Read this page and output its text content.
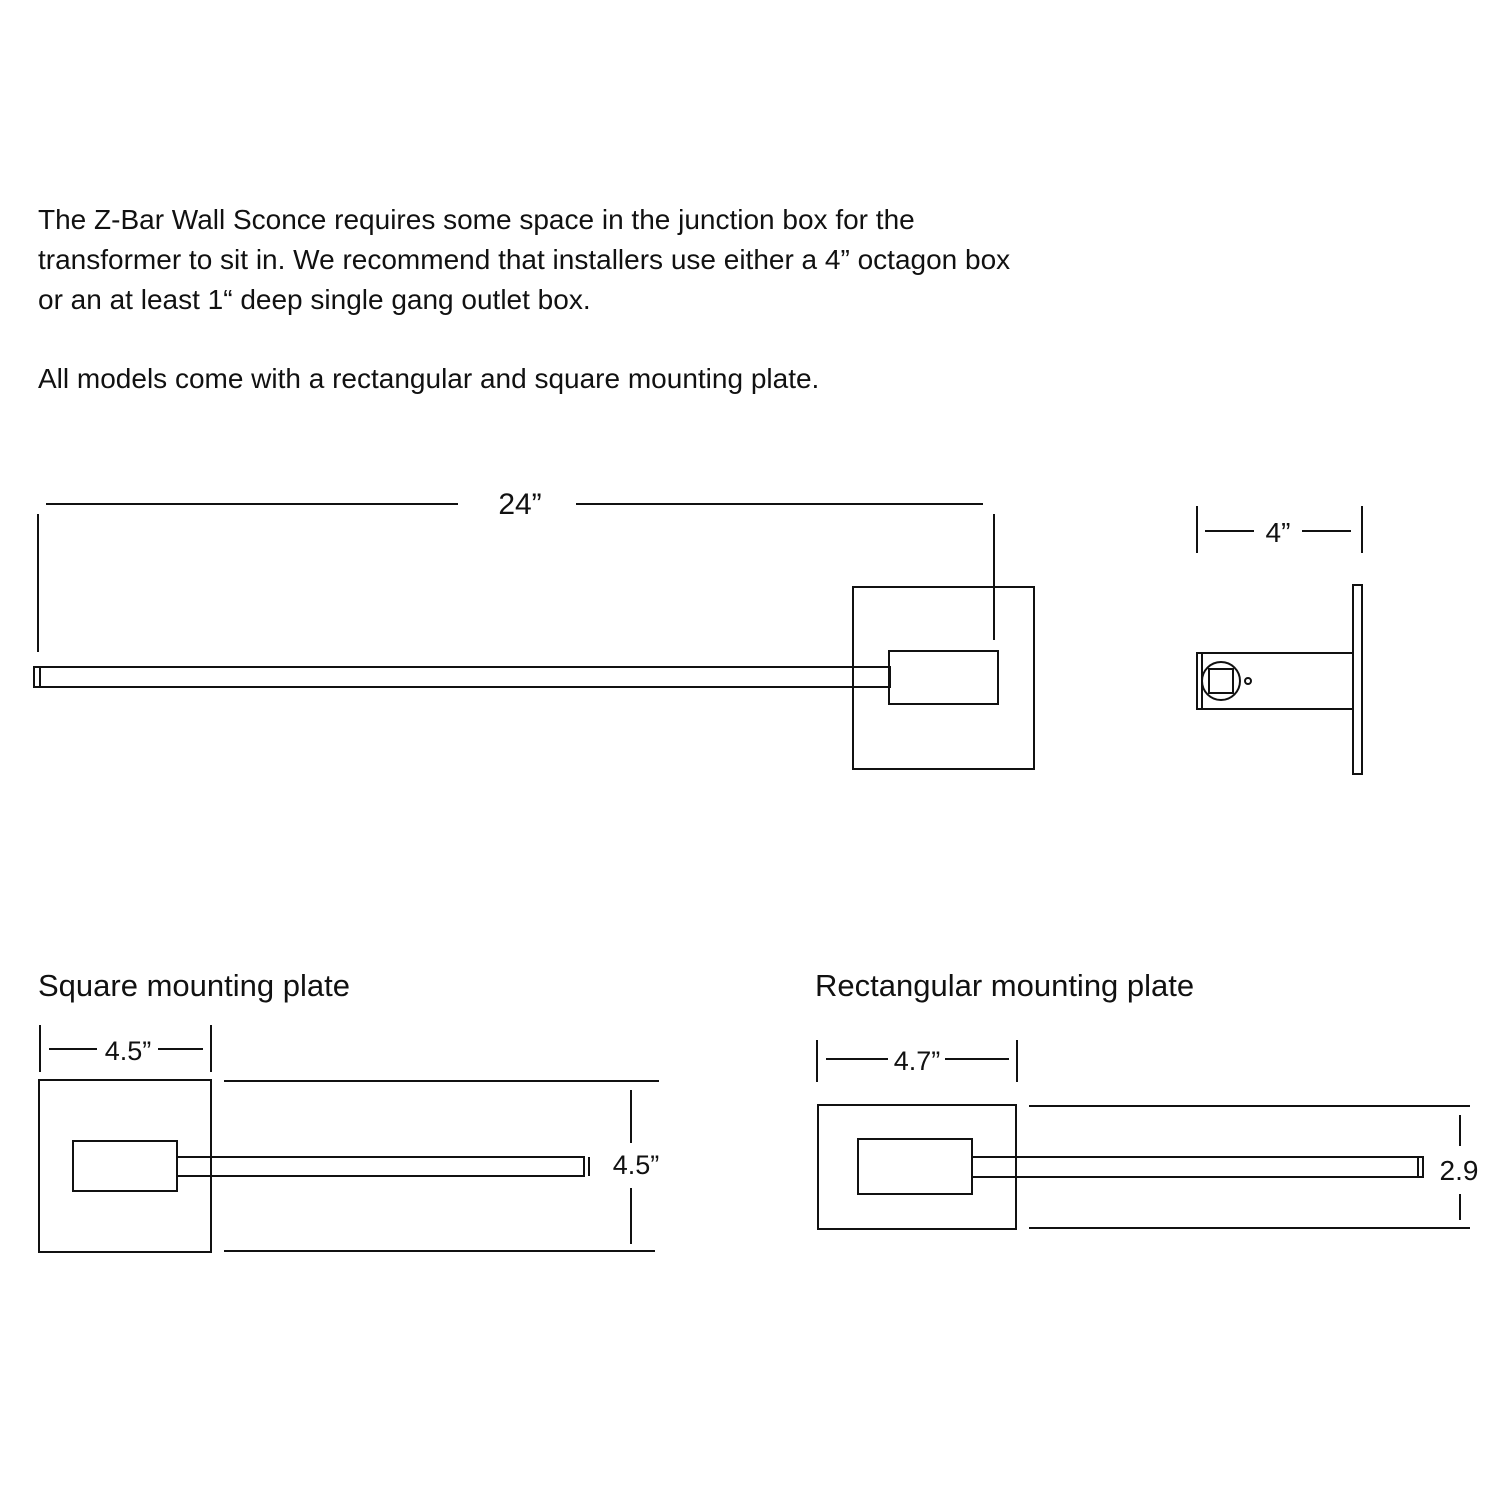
The Z-Bar Wall Sconce requires some space in the junction box for the
transformer to sit in. We recommend that installers use either a 4” octagon box
or an at least 1“ deep single gang outlet box.

All models come with a rectangular and square mounting plate.

Square mounting plate	Rectangular mounting plate
24”
4”
4.5”
4.5”
4.7”
2.9
